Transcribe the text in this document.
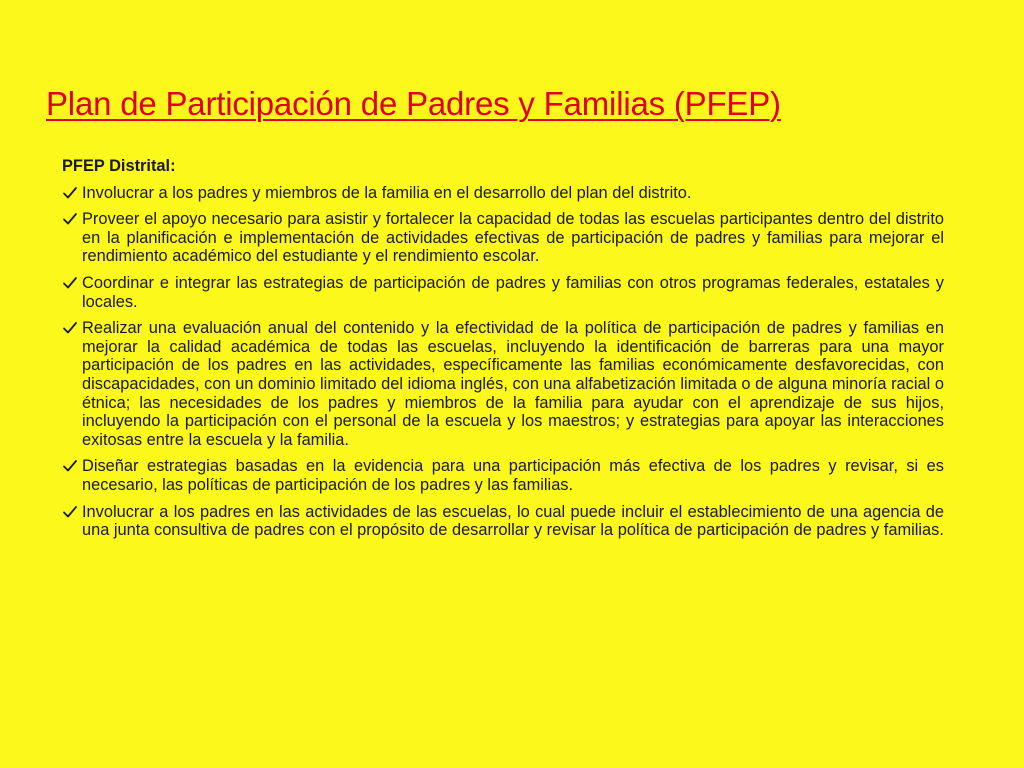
Plan de Participación de Padres y Familias (PFEP)
PFEP Distrital:
Involucrar a los padres y miembros de la familia en el desarrollo del plan del distrito.
Proveer el apoyo necesario para asistir y fortalecer la capacidad de todas las escuelas participantes dentro del distrito en la planificación e implementación de actividades efectivas de participación de padres y familias para mejorar el rendimiento académico del estudiante y el rendimiento escolar.
Coordinar e integrar las estrategias de participación de padres y familias con otros programas federales, estatales y locales.
Realizar una evaluación anual del contenido y la efectividad de la política de participación de padres y familias en mejorar la calidad académica de todas las escuelas, incluyendo la identificación de barreras para una mayor participación de los padres en las actividades, específicamente las familias económicamente desfavorecidas, con discapacidades, con un dominio limitado del idioma inglés, con una alfabetización limitada o de alguna minoría racial o étnica; las necesidades de los padres y miembros de la familia para ayudar con el aprendizaje de sus hijos, incluyendo la participación con el personal de la escuela y los maestros; y estrategias para apoyar las interacciones exitosas entre la escuela y la familia.
Diseñar estrategias basadas en la evidencia para una participación más efectiva de los padres y revisar, si es necesario, las políticas de participación de los padres y las familias.
Involucrar a los padres en las actividades de las escuelas, lo cual puede incluir el establecimiento de una agencia de una junta consultiva de padres con el propósito de desarrollar y revisar la política de participación de padres y familias.
